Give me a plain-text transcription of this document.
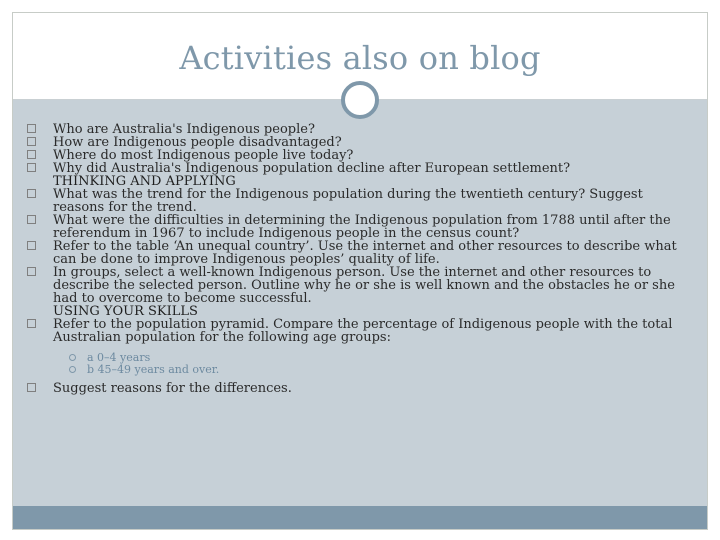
Activities also on blog
Who are Australia's Indigenous people?
How are Indigenous people disadvantaged?
Where do most Indigenous people live today?
Why did Australia's Indigenous population decline after European settlement?
THINKING AND APPLYING
What was the trend for the Indigenous population during the twentieth century? Suggest
reasons for the trend.
What were the difficulties in determining the Indigenous population from 1788 until after the
referendum in 1967 to include Indigenous people in the census count?
Refer to the table ‘An unequal country’. Use the internet and other resources to describe what
can be done to improve Indigenous peoples’ quality of life.
In groups, select a well-known Indigenous person. Use the internet and other resources to
describe the selected person. Outline why he or she is well known and the obstacles he or she
had to overcome to become successful.
USING YOUR SKILLS
Refer to the population pyramid. Compare the percentage of Indigenous people with the total
Australian population for the following age groups:
a 0–4 years
b 45–49 years and over.
Suggest reasons for the differences.
